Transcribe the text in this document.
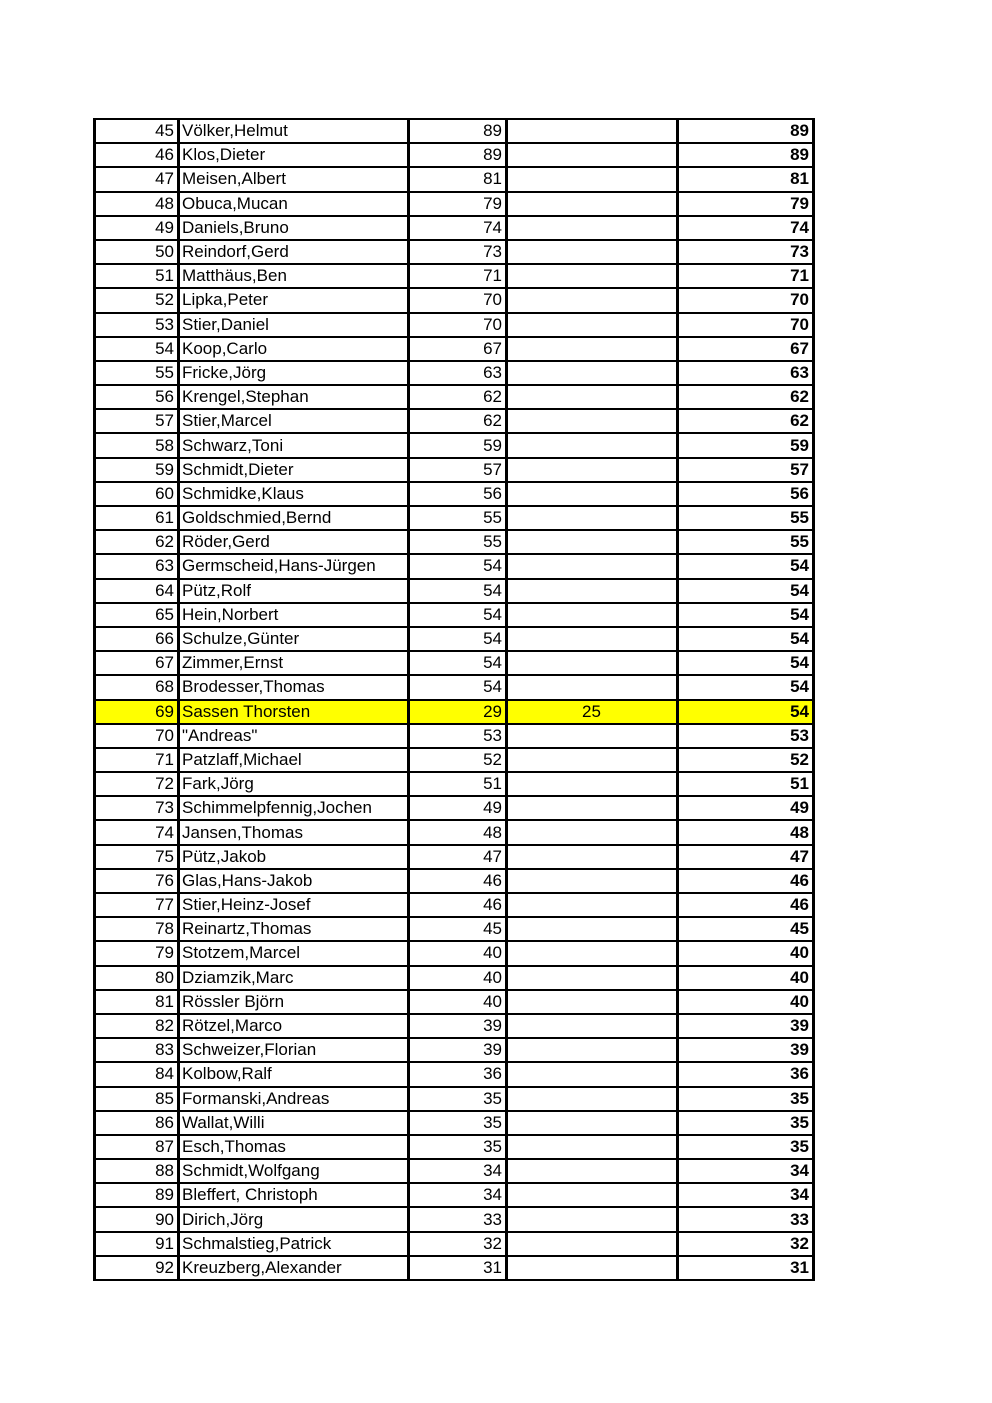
45	Völker,Helmut	89		89
46	Klos,Dieter	89		89
47	Meisen,Albert	81		81
48	Obuca,Mucan	79		79
49	Daniels,Bruno	74		74
50	Reindorf,Gerd	73		73
51	Matthäus,Ben	71		71
52	Lipka,Peter	70		70
53	Stier,Daniel	70		70
54	Koop,Carlo	67		67
55	Fricke,Jörg	63		63
56	Krengel,Stephan	62		62
57	Stier,Marcel	62		62
58	Schwarz,Toni	59		59
59	Schmidt,Dieter	57		57
60	Schmidke,Klaus	56		56
61	Goldschmied,Bernd	55		55
62	Röder,Gerd	55		55
63	Germscheid,Hans-Jürgen	54		54
64	Pütz,Rolf	54		54
65	Hein,Norbert	54		54
66	Schulze,Günter	54		54
67	Zimmer,Ernst	54		54
68	Brodesser,Thomas	54		54
69	Sassen Thorsten	29	25	54
70	"Andreas"	53		53
71	Patzlaff,Michael	52		52
72	Fark,Jörg	51		51
73	Schimmelpfennig,Jochen	49		49
74	Jansen,Thomas	48		48
75	Pütz,Jakob	47		47
76	Glas,Hans-Jakob	46		46
77	Stier,Heinz-Josef	46		46
78	Reinartz,Thomas	45		45
79	Stotzem,Marcel	40		40
80	Dziamzik,Marc	40		40
81	Rössler Björn	40		40
82	Rötzel,Marco	39		39
83	Schweizer,Florian	39		39
84	Kolbow,Ralf	36		36
85	Formanski,Andreas	35		35
86	Wallat,Willi	35		35
87	Esch,Thomas	35		35
88	Schmidt,Wolfgang	34		34
89	Bleffert, Christoph	34		34
90	Dirich,Jörg	33		33
91	Schmalstieg,Patrick	32		32
92	Kreuzberg,Alexander	31		31
